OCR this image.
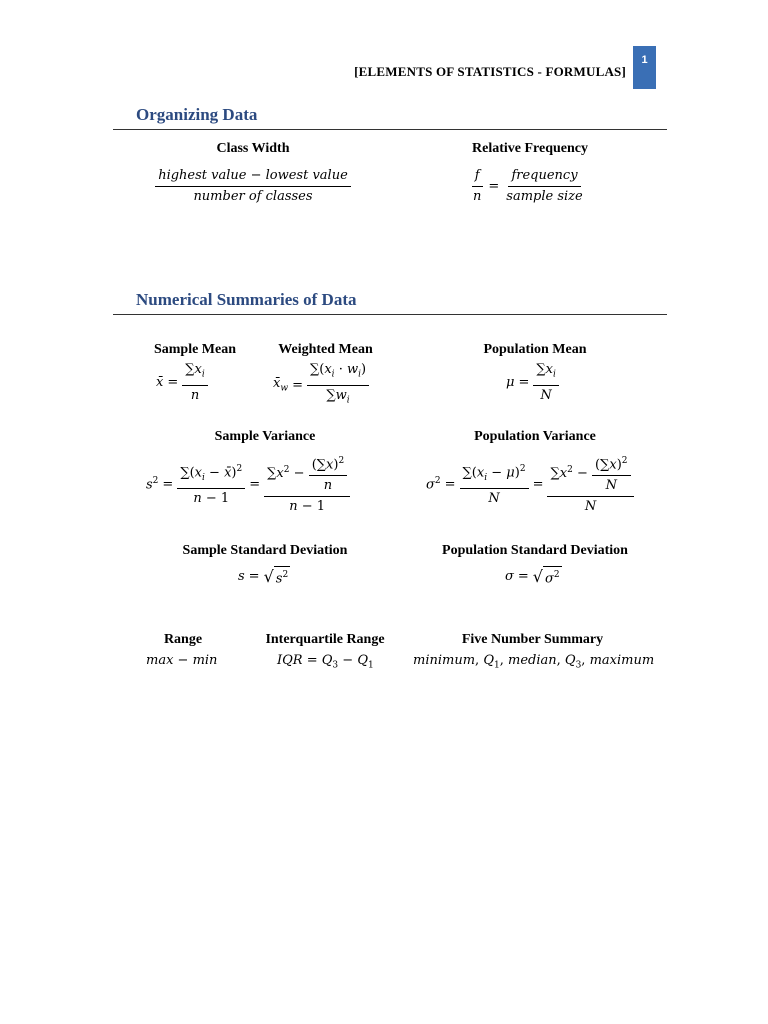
[ELEMENTS OF STATISTICS - FORMULAS]
1
Organizing Data
Class Width
$\frac{\text{highest value − lowest value}}{\text{number of classes}}$
Relative Frequency
$\frac{f}{n} = \frac{\text{frequency}}{\text{sample size}}$
Numerical Summaries of Data
Sample Mean
x̄ = $\frac{\sum x_i}{n}$
Weighted Mean
$x̄_w = \frac{\sum(x_i \cdot w_i)}{\sum w_i}$
Population Mean
$\mu = \frac{\sum x_i}{N}$
Sample Variance
$s^2 = \frac{\sum(x_i - x̄)^2}{n - 1} = \frac{\sum x^2 - \frac{(\sum x)^2}{n}}{n - 1}$
Population Variance
$\sigma^2 = \frac{\sum(x_i - \mu)^2}{N} = \frac{\sum x^2 - \frac{(\sum x)^2}{N}}{N}$
Sample Standard Deviation
s = √ $s^2$
Population Standard Deviation
σ = √ $\sigma^2$
Range
max − min
Interquartile Range
IQR = $Q_3 - Q_1$
Five Number Summary
minimum, $Q_1$, median, $Q_3$, maximum
